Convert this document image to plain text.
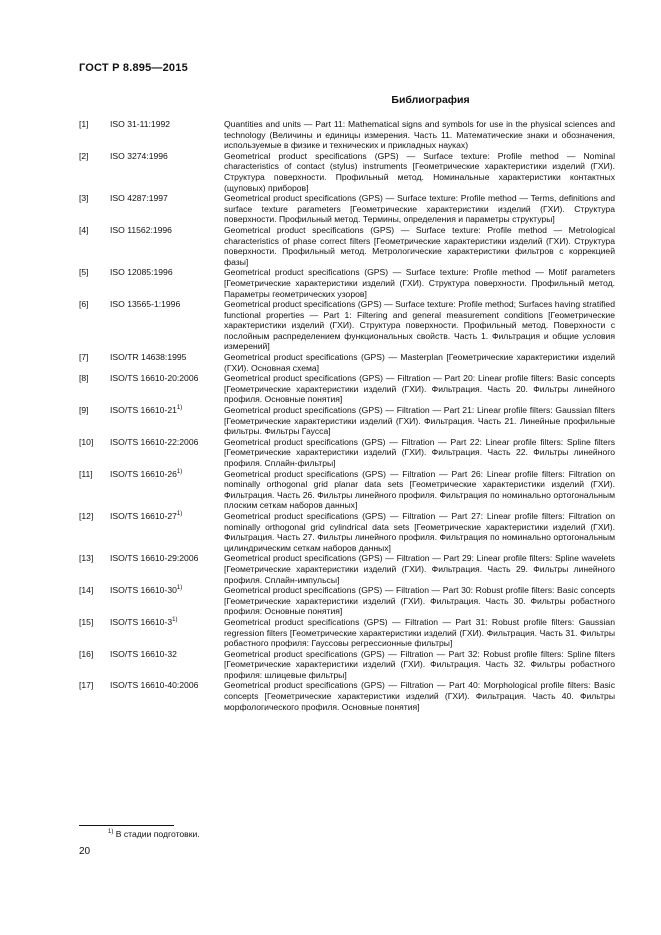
ГОСТ Р 8.895—2015
Библиография
[1]	ISO 31-11:1992	Quantities and units — Part 11: Mathematical signs and symbols for use in the physical sciences and technology (Величины и единицы измерения. Часть 11. Математические знаки и обозначения, используемые в физике и технических и прикладных науках)
[2]	ISO 3274:1996	Geometrical product specifications (GPS) — Surface texture: Profile method — Nominal characteristics of contact (stylus) instruments [Геометрические характеристики изделий (ГХИ). Структура поверхности. Профильный метод. Номинальные характеристики контактных (щуповых) приборов]
[3]	ISO 4287:1997	Geometrical product specifications (GPS) — Surface texture: Profile method — Terms, definitions and surface texture parameters [Геометрические характеристики изделий (ГХИ). Структура поверхности. Профильный метод. Термины, определения и параметры структуры]
[4]	ISO 11562:1996	Geometrical product specifications (GPS) — Surface texture: Profile method — Metrological characteristics of phase correct filters [Геометрические характеристики изделий (ГХИ). Структура поверхности. Профильный метод. Метрологические характеристики фильтров с коррекцией фазы]
[5]	ISO 12085:1996	Geometrical product specifications (GPS) — Surface texture: Profile method — Motif parameters [Геометрические характеристики изделий (ГХИ). Структура поверхности. Профильный метод. Параметры геометрических узоров]
[6]	ISO 13565-1:1996	Geometrical product specifications (GPS) — Surface texture: Profile method; Surfaces having stratified functional properties — Part 1: Filtering and general measurement conditions [Геометрические характеристики изделий (ГХИ). Структура поверхности. Профильный метод. Поверхности с послойным распределением функциональных свойств. Часть 1. Фильтрация и общие условия измерений]
[7]	ISO/TR 14638:1995	Geometrical product specifications (GPS) — Masterplan [Геометрические характеристики изделий (ГХИ). Основная схема]
[8]	ISO/TS 16610-20:2006	Geometrical product specifications (GPS) — Filtration — Part 20: Linear profile filters: Basic concepts [Геометрические характеристики изделий (ГХИ). Фильтрация. Часть 20. Фильтры линейного профиля. Основные понятия]
[9]	ISO/TS 16610-21$^{1)}$	Geometrical product specifications (GPS) — Filtration — Part 21: Linear profile filters: Gaussian filters [Геометрические характеристики изделий (ГХИ). Фильтрация. Часть 21. Линейные профильные фильтры. Фильтры Гаусса]
[10]	ISO/TS 16610-22:2006	Geometrical product specifications (GPS) — Filtration — Part 22: Linear profile filters: Spline filters [Геометрические характеристики изделий (ГХИ). Фильтрация. Часть 22. Фильтры линейного профиля. Сплайн-фильтры]
[11]	ISO/TS 16610-26$^{1)}$	Geometrical product specifications (GPS) — Filtration — Part 26: Linear profile filters: Filtration on nominally orthogonal grid planar data sets [Геометрические характеристики изделий (ГХИ). Фильтрация. Часть 26. Фильтры линейного профиля. Фильтрация по номинально ортогональным плоским сеткам наборов данных]
[12]	ISO/TS 16610-27$^{1)}$	Geometrical product specifications (GPS) — Filtration — Part 27: Linear profile filters: Filtration on nominally orthogonal grid cylindrical data sets [Геометрические характеристики изделий (ГХИ). Фильтрация. Часть 27. Фильтры линейного профиля. Фильтрация по номинально ортогональным цилиндрическим сеткам наборов данных]
[13]	ISO/TS 16610-29:2006	Geometrical product specifications (GPS) — Filtration — Part 29: Linear profile filters: Spline wavelets [Геометрические характеристики изделий (ГХИ). Фильтрация. Часть 29. Фильтры линейного профиля. Сплайн-импульсы]
[14]	ISO/TS 16610-30$^{1)}$	Geometrical product specifications (GPS) — Filtration — Part 30: Robust profile filters: Basic concepts [Геометрические характеристики изделий (ГХИ). Фильтрация. Часть 30. Фильтры робастного профиля: Основные понятия]
[15]	ISO/TS 16610-3$^{1)}$	Geometrical product specifications (GPS) — Filtration — Part 31: Robust profile filters: Gaussian regression filters [Геометрические характеристики изделий (ГХИ). Фильтрация. Часть 31. Фильтры робастного профиля: Гауссовы регрессионные фильтры]
[16]	ISO/TS 16610-32	Geometrical product specifications (GPS) — Filtration — Part 32: Robust profile filters: Spline filters [Геометрические характеристики изделий (ГХИ). Фильтрация. Часть 32. Фильтры робастного профиля: шлицевые фильтры]
[17]	ISO/TS 16610-40:2006	Geometrical product specifications (GPS) — Filtration — Part 40: Morphological profile filters: Basic concepts [Геометрические характеристики изделий (ГХИ). Фильтрация. Часть 40. Фильтры морфологического профиля. Основные понятия]
$^{1)}$ В стадии подготовки.
20
